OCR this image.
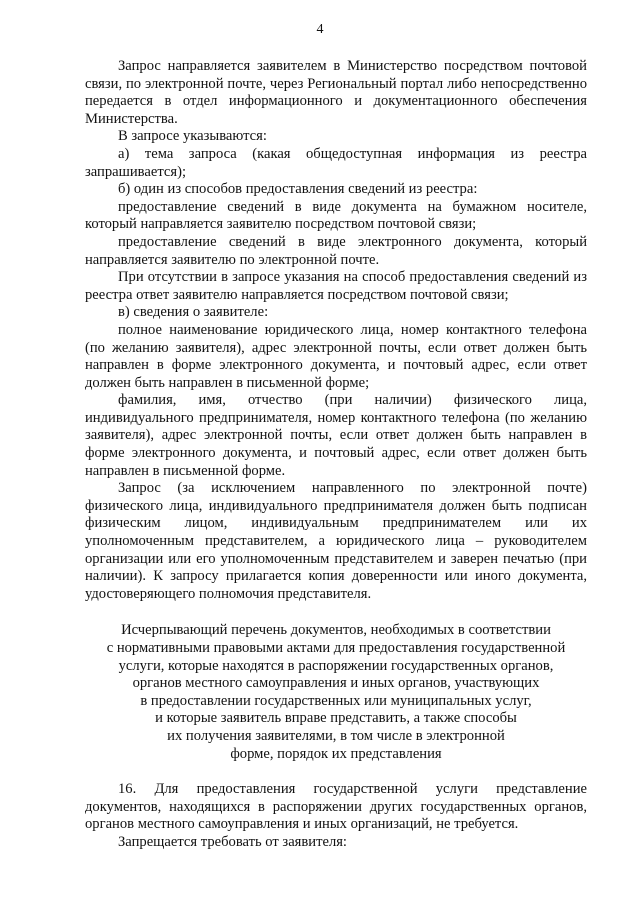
4

Запрос направляется заявителем в Министерство посредством почтовой связи, по электронной почте, через Региональный портал либо непосредственно передается в отдел информационного и документационного обеспечения Министерства.

В запросе указываются:

а) тема запроса (какая общедоступная информация из реестра запрашивается);

б) один из способов предоставления сведений из реестра:

предоставление сведений в виде документа на бумажном носителе, который направляется заявителю посредством почтовой связи;

предоставление сведений в виде электронного документа, который направляется заявителю по электронной почте.

При отсутствии в запросе указания на способ предоставления сведений из реестра ответ заявителю направляется посредством почтовой связи;

в) сведения о заявителе:

полное наименование юридического лица, номер контактного телефона (по желанию заявителя), адрес электронной почты, если ответ должен быть направлен в форме электронного документа, и почтовый адрес, если ответ должен быть направлен в письменной форме;

фамилия, имя, отчество (при наличии) физического лица, индивидуального предпринимателя, номер контактного телефона (по желанию заявителя), адрес электронной почты, если ответ должен быть направлен в форме электронного документа, и почтовый адрес, если ответ должен быть направлен в письменной форме.

Запрос (за исключением направленного по электронной почте) физического лица, индивидуального предпринимателя должен быть подписан физическим лицом, индивидуальным предпринимателем или их уполномоченным представителем, а юридического лица – руководителем организации или его уполномоченным представителем и заверен печатью (при наличии). К запросу прилагается копия доверенности или иного документа, удостоверяющего полномочия представителя.

Исчерпывающий перечень документов, необходимых в соответствии

с нормативными правовыми актами для предоставления государственной

услуги, которые находятся в распоряжении государственных органов,

органов местного самоуправления и иных органов, участвующих

в предоставлении государственных или муниципальных услуг,

и которые заявитель вправе представить, а также способы

их получения заявителями, в том числе в электронной

форме, порядок их представления

16. Для предоставления государственной услуги представление документов, находящихся в распоряжении других государственных органов, органов местного самоуправления и иных организаций, не требуется.

Запрещается требовать от заявителя:
